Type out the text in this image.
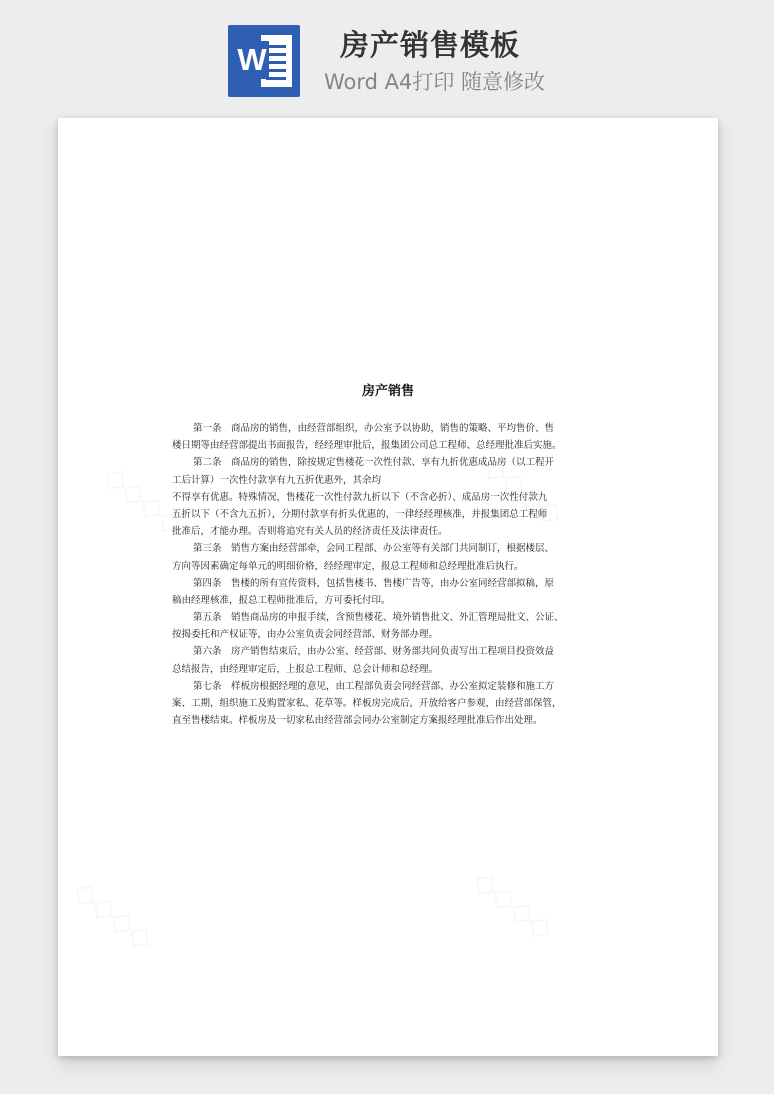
W	房产销售模板
Word A4打印 随意修改
房产销售
第一条　商品房的销售，由经营部组织，办公室予以协助，销售的策略、平均售价、售
楼日期等由经营部提出书面报告，经经理审批后，报集团公司总工程师、总经理批准后实施。
第二条　商品房的销售，除按规定售楼花一次性付款、享有九折优惠成品房（以工程开
工后计算）一次性付款享有九五折优惠外，其余均
不得享有优惠。特殊情况，售楼花一次性付款九折以下（不含必折）、成品房一次性付款九
五折以下（不含九五折），分期付款享有折头优惠的，一律经经理核准，并报集团总工程师
批准后，才能办理。否则将追究有关人员的经济责任及法律责任。
第三条　销售方案由经营部牵，会同工程部、办公室等有关部门共同制订，根据楼层、
方向等因素确定每单元的明细价格，经经理审定，报总工程师和总经理批准后执行。
第四条　售楼的所有宣传资料，包括售楼书、售楼广告等，由办公室同经营部拟稿，原
稿由经理核准，报总工程师批准后，方可委托付印。
第五条　销售商品房的申报手续，含预售楼花、境外销售批文、外汇管理局批文、公证、
按揭委托和产权证等，由办公室负责会同经营部、财务部办理。
第六条　房产销售结束后，由办公室、经营部、财务部共同负责写出工程项目投资效益
总结报告，由经理审定后，上报总工程师、总会计师和总经理。
第七条　样板房根据经理的意见，由工程部负责会同经营部、办公室拟定装修和施工方
案、工期，组织施工及购置家私、花草等。样板房完成后，开放给客户参观，由经营部保管，
直至售楼结束。样板房及一切家私由经营部会同办公室制定方案报经理批准后作出处理。
